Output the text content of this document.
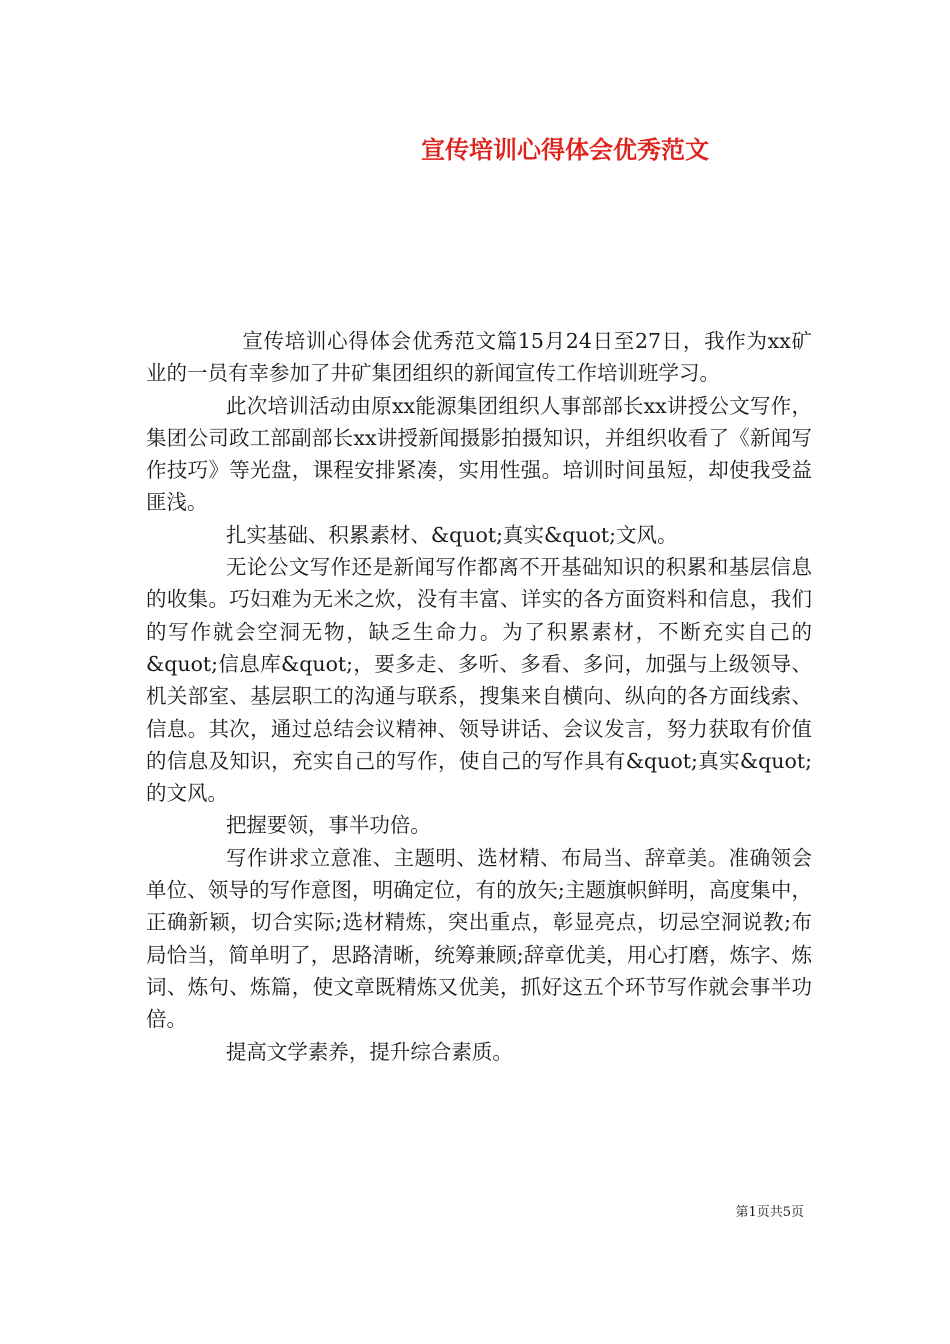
宣传培训心得体会优秀范文

宣传培训心得体会优秀范文篇15月24日至27日，我作为xx矿业的一员有幸参加了井矿集团组织的新闻宣传工作培训班学习。

此次培训活动由原xx能源集团组织人事部部长xx讲授公文写作，集团公司政工部副部长xx讲授新闻摄影拍摄知识，并组织收看了《新闻写作技巧》等光盘，课程安排紧凑，实用性强。培训时间虽短，却使我受益匪浅。

扎实基础、积累素材、&quot;真实&quot;文风。

无论公文写作还是新闻写作都离不开基础知识的积累和基层信息的收集。巧妇难为无米之炊，没有丰富、详实的各方面资料和信息，我们的写作就会空洞无物，缺乏生命力。为了积累素材，不断充实自己的&quot;信息库&quot;，要多走、多听、多看、多问，加强与上级领导、机关部室、基层职工的沟通与联系，搜集来自横向、纵向的各方面线索、信息。其次，通过总结会议精神、领导讲话、会议发言，努力获取有价值的信息及知识，充实自己的写作，使自己的写作具有&quot;真实&quot;的文风。

把握要领，事半功倍。

写作讲求立意准、主题明、选材精、布局当、辞章美。准确领会单位、领导的写作意图，明确定位，有的放矢;主题旗帜鲜明，高度集中，正确新颖，切合实际;选材精炼，突出重点，彰显亮点，切忌空洞说教;布局恰当，简单明了，思路清晰，统筹兼顾;辞章优美，用心打磨，炼字、炼词、炼句、炼篇，使文章既精炼又优美，抓好这五个环节写作就会事半功倍。

提高文学素养，提升综合素质。

第1页共5页
